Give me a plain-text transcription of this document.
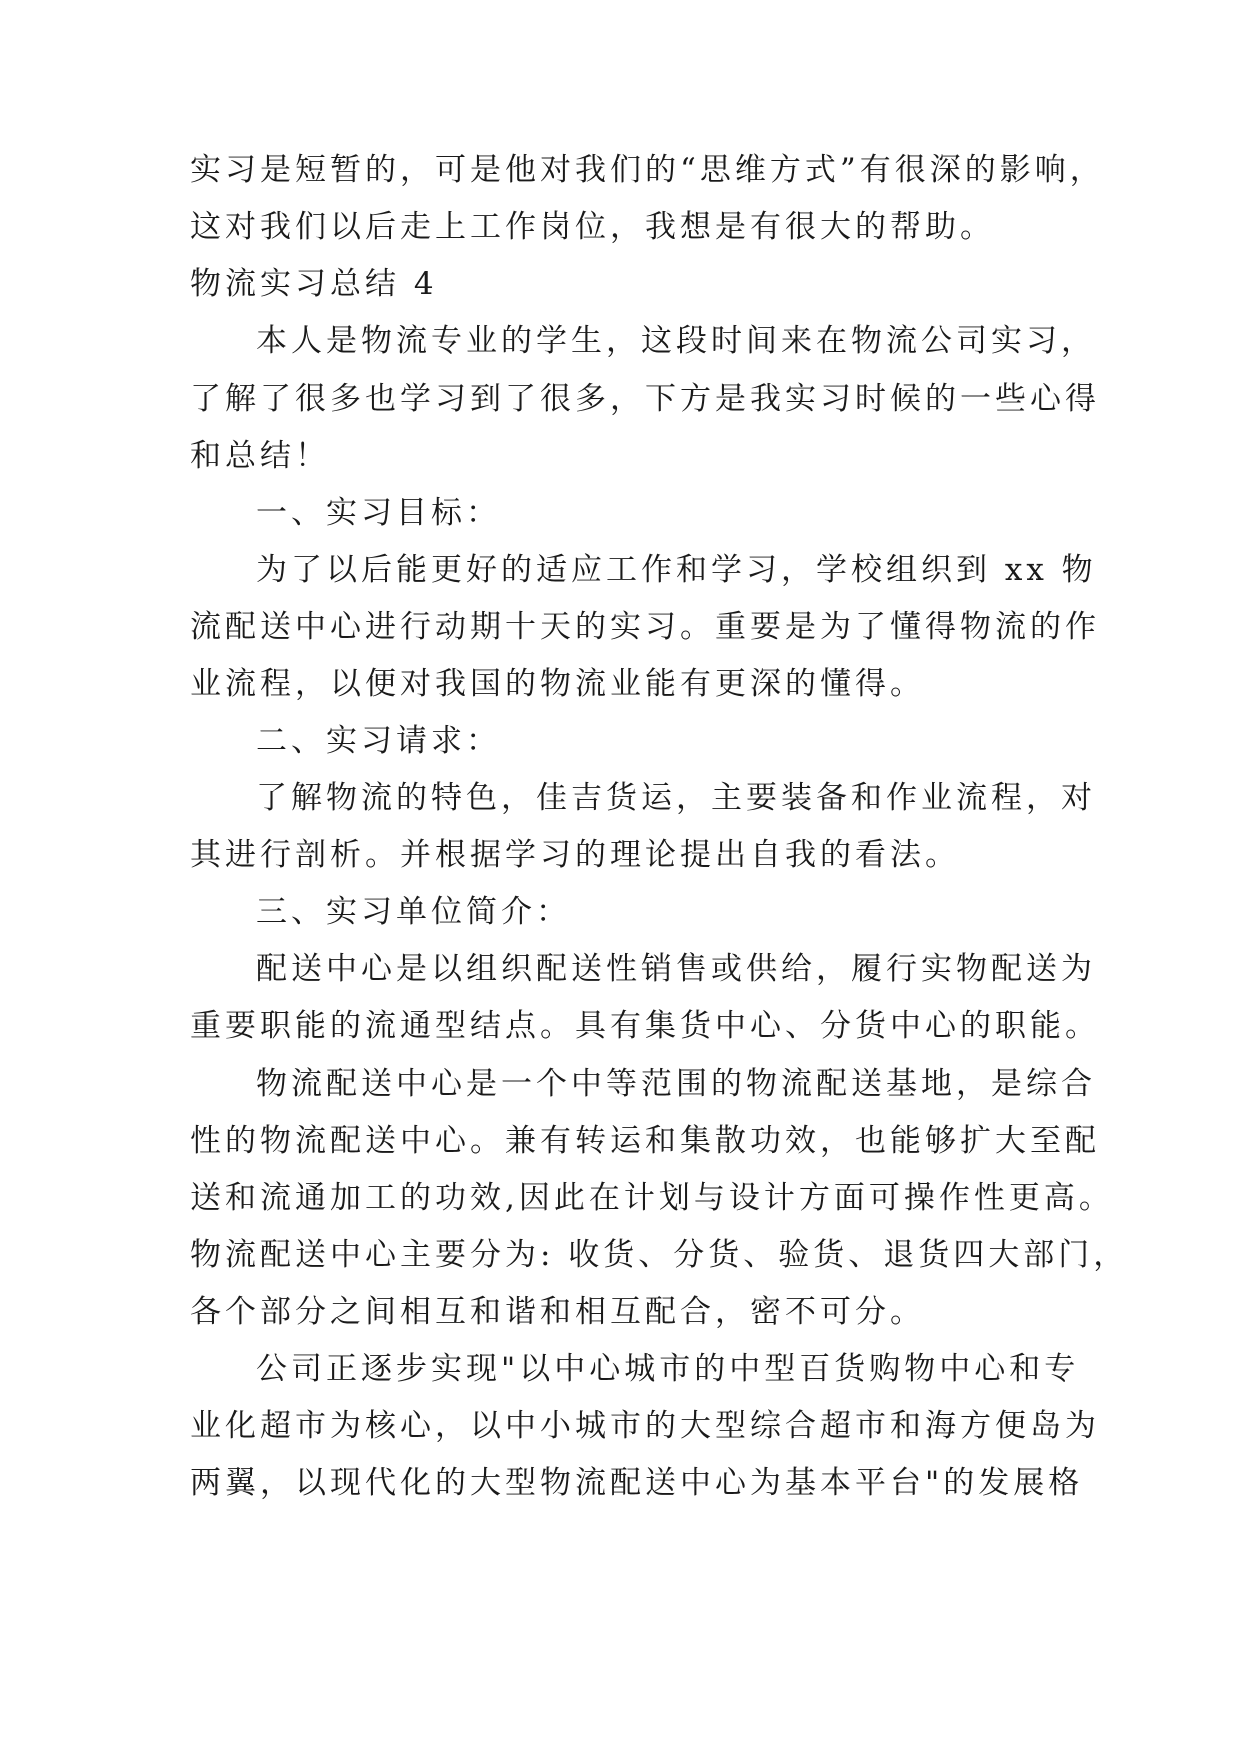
实习是短暂的，可是他对我们的“思维方式”有很深的影响，
这对我们以后走上工作岗位，我想是有很大的帮助。
物流实习总结 4
本人是物流专业的学生，这段时间来在物流公司实习，
了解了很多也学习到了很多，下方是我实习时候的一些心得
和总结！
一、实习目标：
为了以后能更好的适应工作和学习，学校组织到 xx 物
流配送中心进行动期十天的实习。重要是为了懂得物流的作
业流程，以便对我国的物流业能有更深的懂得。
二、实习请求：
了解物流的特色，佳吉货运，主要装备和作业流程，对
其进行剖析。并根据学习的理论提出自我的看法。
三、实习单位简介：
配送中心是以组织配送性销售或供给，履行实物配送为
重要职能的流通型结点。具有集货中心、分货中心的职能。
物流配送中心是一个中等范围的物流配送基地，是综合
性的物流配送中心。兼有转运和集散功效，也能够扩大至配
送和流通加工的功效,因此在计划与设计方面可操作性更高。
物流配送中心主要分为: 收货、分货、验货、退货四大部门，
各个部分之间相互和谐和相互配合，密不可分。
公司正逐步实现"以中心城市的中型百货购物中心和专
业化超市为核心，以中小城市的大型综合超市和海方便岛为
两翼，以现代化的大型物流配送中心为基本平台"的发展格
